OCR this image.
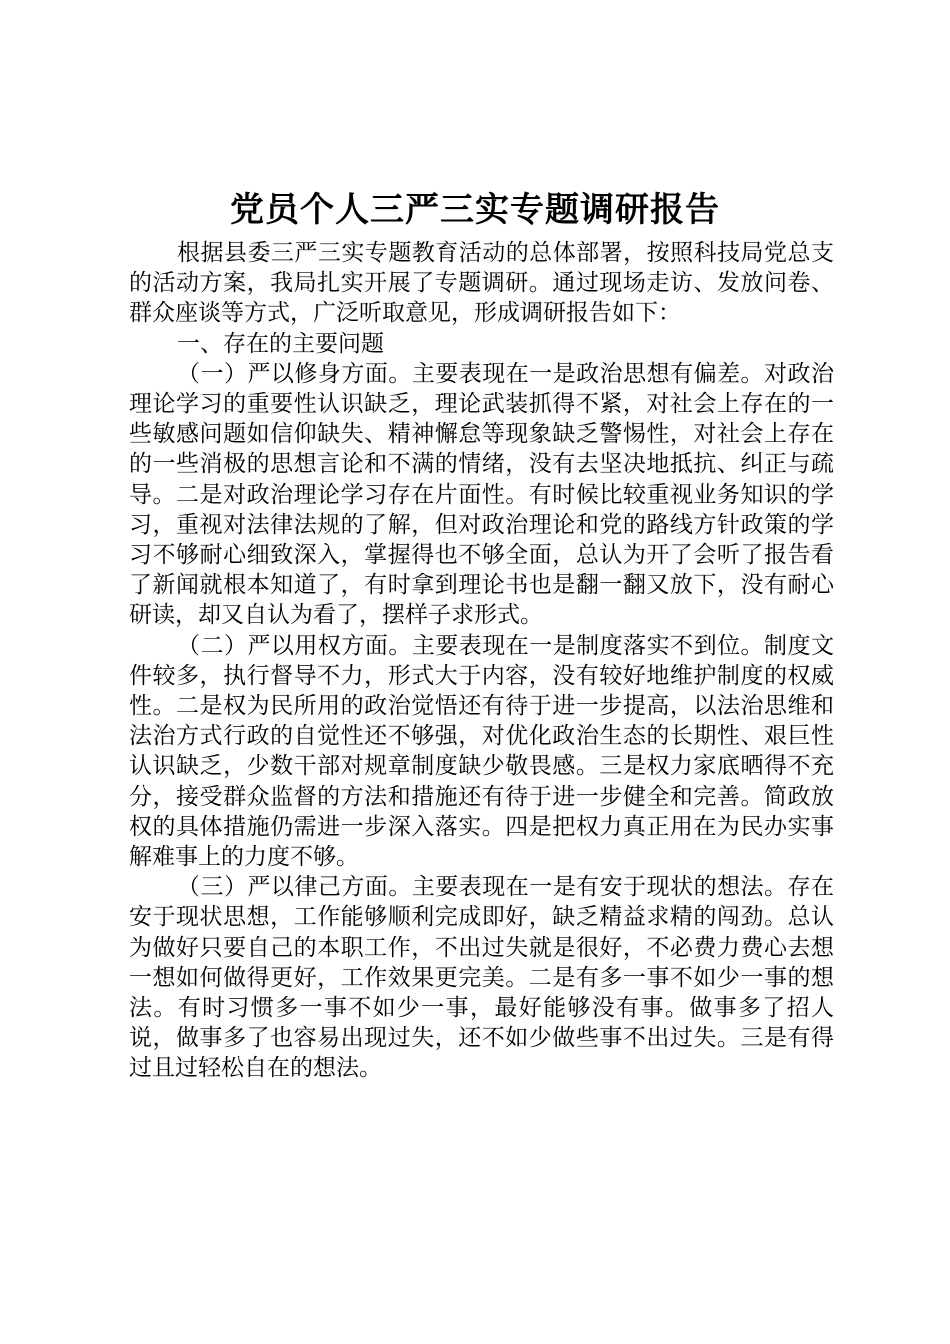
党员个人三严三实专题调研报告

根据县委三严三实专题教育活动的总体部署，按照科技局党总支的活动方案，我局扎实开展了专题调研。通过现场走访、发放问卷、群众座谈等方式，广泛听取意见，形成调研报告如下：

一、存在的主要问题

（一）严以修身方面。主要表现在一是政治思想有偏差。对政治理论学习的重要性认识缺乏，理论武装抓得不紧，对社会上存在的一些敏感问题如信仰缺失、精神懈怠等现象缺乏警惕性，对社会上存在的一些消极的思想言论和不满的情绪，没有去坚决地抵抗、纠正与疏导。二是对政治理论学习存在片面性。有时候比较重视业务知识的学习，重视对法律法规的了解，但对政治理论和党的路线方针政策的学习不够耐心细致深入，掌握得也不够全面，总认为开了会听了报告看了新闻就根本知道了，有时拿到理论书也是翻一翻又放下，没有耐心研读，却又自认为看了，摆样子求形式。

（二）严以用权方面。主要表现在一是制度落实不到位。制度文件较多，执行督导不力，形式大于内容，没有较好地维护制度的权威性。二是权为民所用的政治觉悟还有待于进一步提高，以法治思维和法治方式行政的自觉性还不够强，对优化政治生态的长期性、艰巨性认识缺乏，少数干部对规章制度缺少敬畏感。三是权力家底晒得不充分，接受群众监督的方法和措施还有待于进一步健全和完善。简政放权的具体措施仍需进一步深入落实。四是把权力真正用在为民办实事解难事上的力度不够。

（三）严以律己方面。主要表现在一是有安于现状的想法。存在安于现状思想，工作能够顺利完成即好，缺乏精益求精的闯劲。总认为做好只要自己的本职工作，不出过失就是很好，不必费力费心去想一想如何做得更好，工作效果更完美。二是有多一事不如少一事的想法。有时习惯多一事不如少一事，最好能够没有事。做事多了招人说，做事多了也容易出现过失，还不如少做些事不出过失。三是有得过且过轻松自在的想法。
